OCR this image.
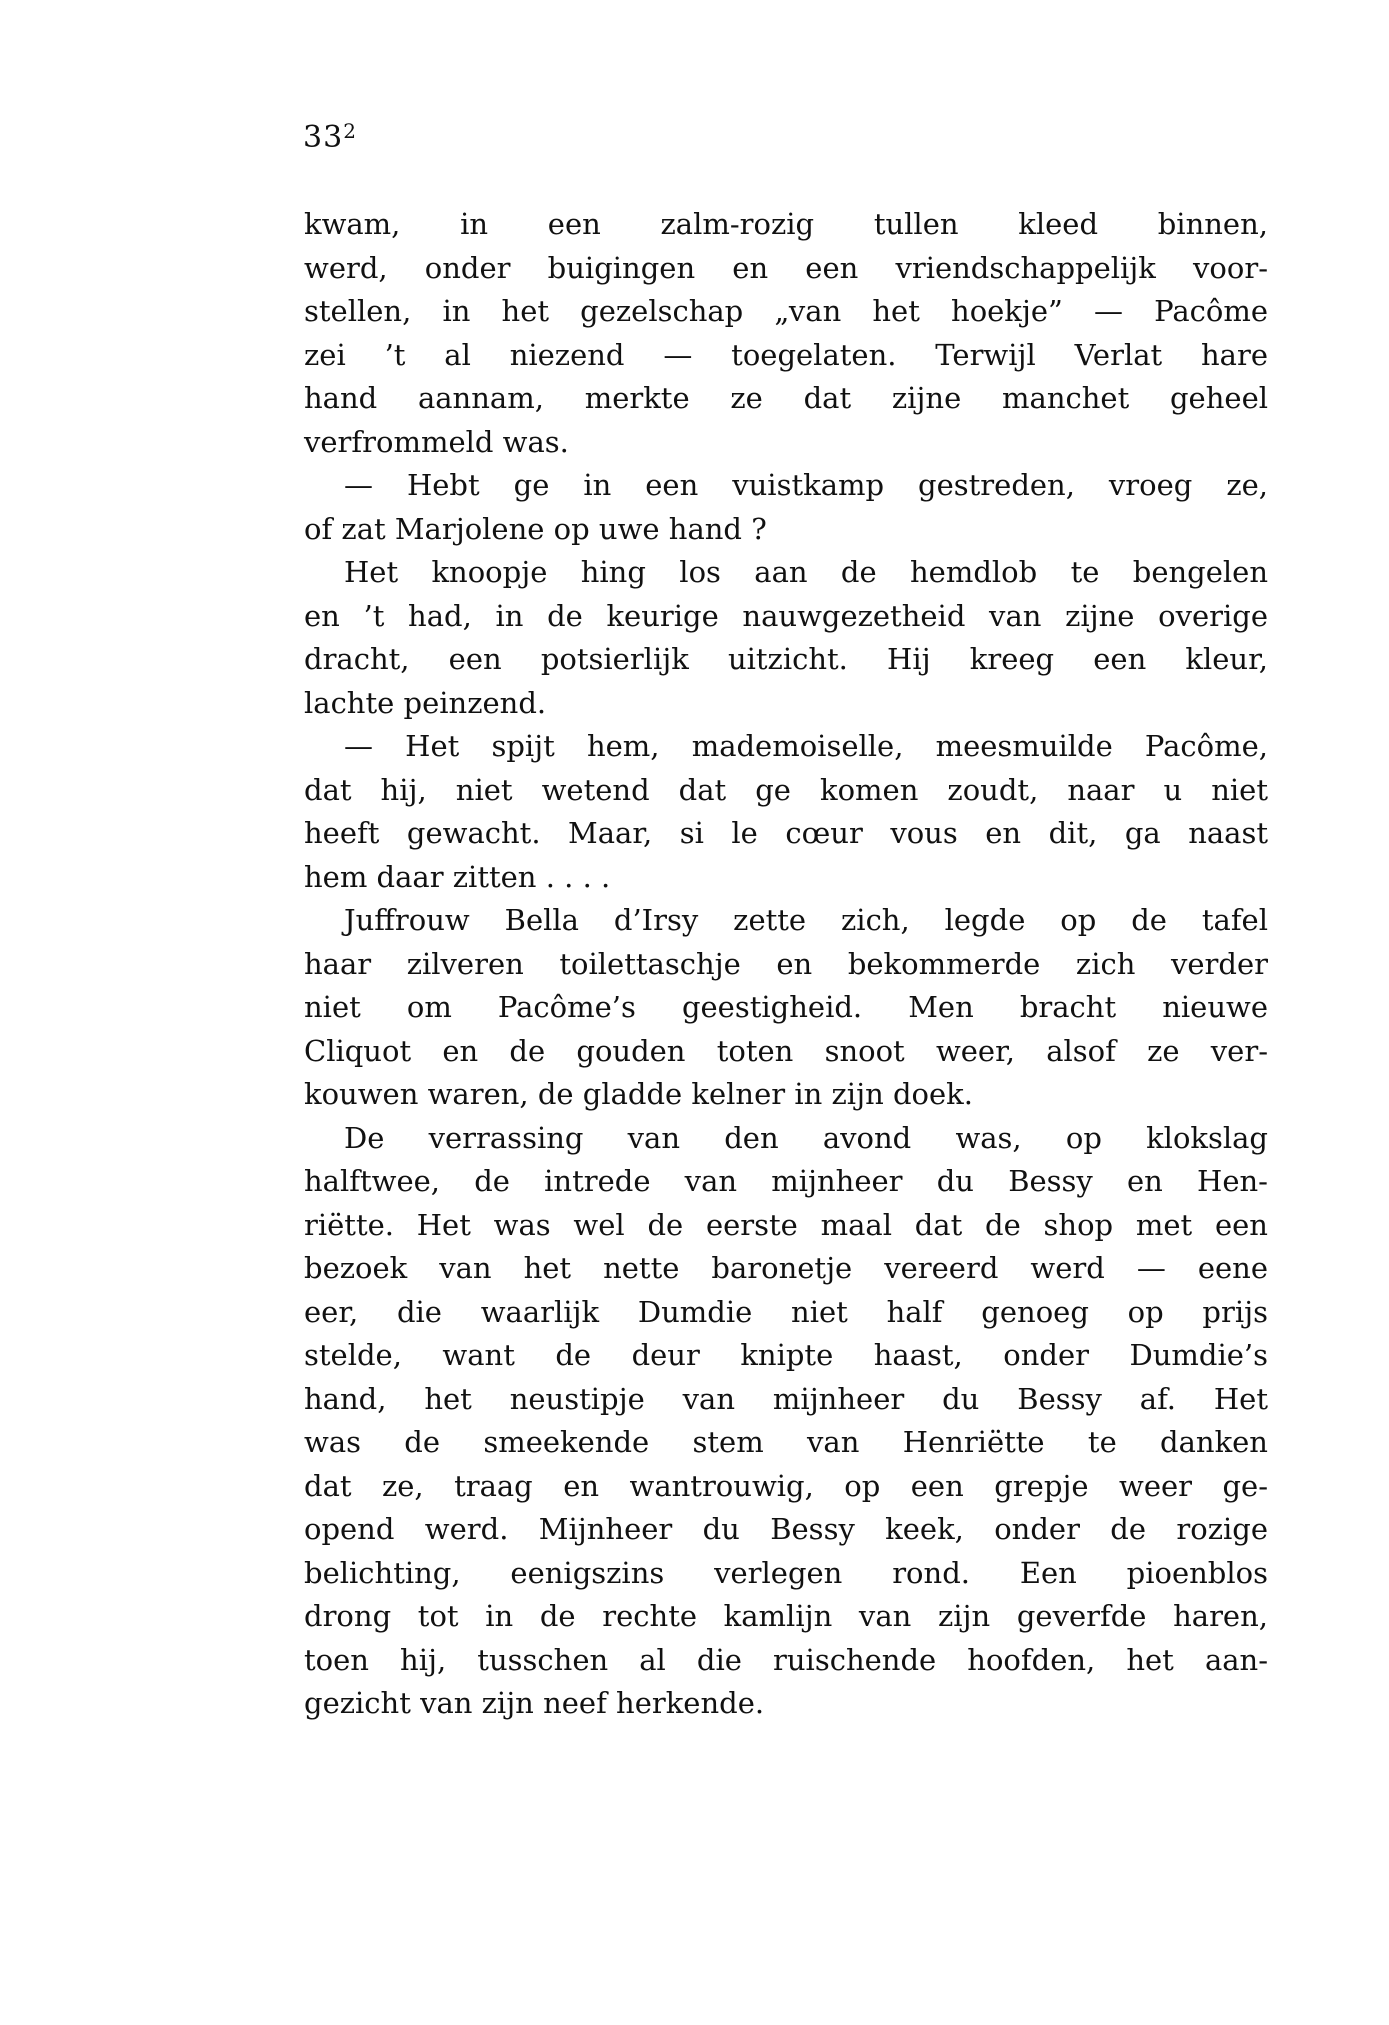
$33^2$
kwam, in een zalm-rozig tullen kleed binnen,
werd, onder buigingen en een vriendschappelijk voor-
stellen, in het gezelschap „van het hoekje” — Pacôme
zei ’t al niezend — toegelaten. Terwijl Verlat hare
hand aannam, merkte ze dat zijne manchet geheel
verfrommeld was.
— Hebt ge in een vuistkamp gestreden, vroeg ze,
of zat Marjolene op uwe hand ?
Het knoopje hing los aan de hemdlob te bengelen
en ’t had, in de keurige nauwgezetheid van zijne overige
dracht, een potsierlijk uitzicht. Hij kreeg een kleur,
lachte peinzend.
— Het spijt hem, mademoiselle, meesmuilde Pacôme,
dat hij, niet wetend dat ge komen zoudt, naar u niet
heeft gewacht. Maar, si le cœur vous en dit, ga naast
hem daar zitten . . . .
Juffrouw Bella d’Irsy zette zich, legde op de tafel
haar zilveren toilettaschje en bekommerde zich verder
niet om Pacôme’s geestigheid. Men bracht nieuwe
Cliquot en de gouden toten snoot weer, alsof ze ver-
kouwen waren, de gladde kelner in zijn doek.
De verrassing van den avond was, op klokslag
halftwee, de intrede van mijnheer du Bessy en Hen-
riëtte. Het was wel de eerste maal dat de shop met een
bezoek van het nette baronetje vereerd werd — eene
eer, die waarlijk Dumdie niet half genoeg op prijs
stelde, want de deur knipte haast, onder Dumdie’s
hand, het neustipje van mijnheer du Bessy af. Het
was de smeekende stem van Henriëtte te danken
dat ze, traag en wantrouwig, op een grepje weer ge-
opend werd. Mijnheer du Bessy keek, onder de rozige
belichting, eenigszins verlegen rond. Een pioenblos
drong tot in de rechte kamlijn van zijn geverfde haren,
toen hij, tusschen al die ruischende hoofden, het aan-
gezicht van zijn neef herkende.
